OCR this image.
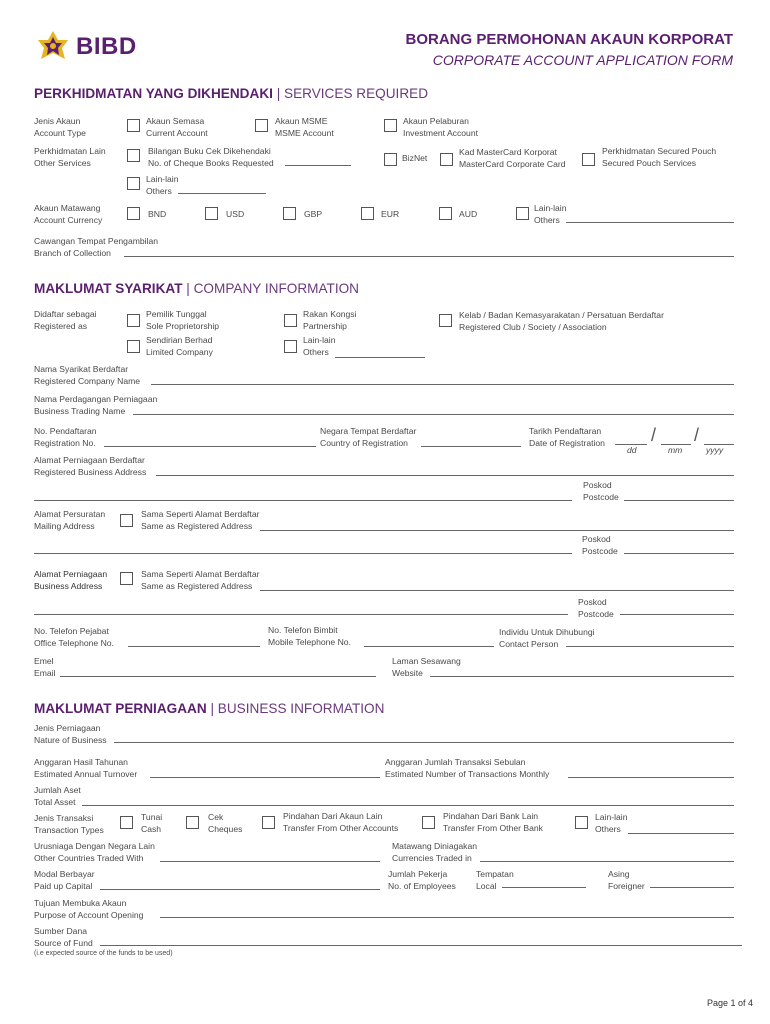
BIBD	BORANG PERMOHONAN AKAUN KORPORAT
CORPORATE ACCOUNT APPLICATION FORM
PERKHIDMATAN YANG DIKHENDAKI | SERVICES REQUIRED
Jenis Akaun
Account Type
Akaun Semasa
Current Account
Akaun MSME
MSME Account
Akaun Pelaburan
Investment Account
Perkhidmatan Lain
Other Services
Bilangan Buku Cek Dikehendaki
No. of Cheque Books Requested	BizNet
Kad MasterCard Korporat
MasterCard Corporate Card
Perkhidmatan Secured Pouch
Secured Pouch Services
Lain-lain
Others
Akaun Matawang
Account Currency
BND	USD	GBP	EUR	AUD
Lain-lain
Others
Cawangan Tempat Pengambilan
Branch of Collection
MAKLUMAT SYARIKAT | COMPANY INFORMATION
Didaftar sebagai
Registered as
Pemilik Tunggal
Sole Proprietorship
Rakan Kongsi
Partnership
Kelab / Badan Kemasyarakatan / Persatuan Berdaftar
Registered Club / Society / Association
Sendirian Berhad
Limited Company
Lain-lain
Others
Nama Syarikat Berdaftar
Registered Company Name
Nama Perdagangan Perniagaan
Business Trading Name
No. Pendaftaran
Registration No.
Negara Tempat Berdaftar
Country of Registration
Tarikh Pendaftaran
Date of Registration	/ /
dd	mm	yyyy
Alamat Perniagaan Berdaftar
Registered Business Address
Poskod
Postcode
Alamat Persuratan
Mailing Address
Sama Seperti Alamat Berdaftar
Same as Registered Address
Poskod
Postcode
Alamat Perniagaan
Business Address
Sama Seperti Alamat Berdaftar
Same as Registered Address
Poskod
Postcode
No. Telefon Pejabat
Office Telephone No.
No. Telefon Bimbit
Mobile Telephone No.
Individu Untuk Dihubungi
Contact Person
Emel
Email
Laman Sesawang
Website
MAKLUMAT PERNIAGAAN | BUSINESS INFORMATION
Jenis Perniagaan
Nature of Business
Anggaran Hasil Tahunan
Estimated Annual Turnover
Anggaran Jumlah Transaksi Sebulan
Estimated Number of Transactions Monthly
Jumlah Aset
Total Asset
Jenis Transaksi
Transaction Types
Tunai
Cash
Cek
Cheques
Pindahan Dari Akaun Lain
Transfer From Other Accounts
Pindahan Dari Bank Lain
Transfer From Other Bank
Lain-lain
Others
Urusniaga Dengan Negara Lain
Other Countries Traded With
Matawang Diniagakan
Currencies Traded in
Modal Berbayar
Paid up Capital
Jumlah Pekerja
No. of Employees
Tempatan
Local
Asing
Foreigner
Tujuan Membuka Akaun
Purpose of Account Opening
Sumber Dana
Source of Fund
(i.e expected source of the funds to be used)
Page 1 of 4
